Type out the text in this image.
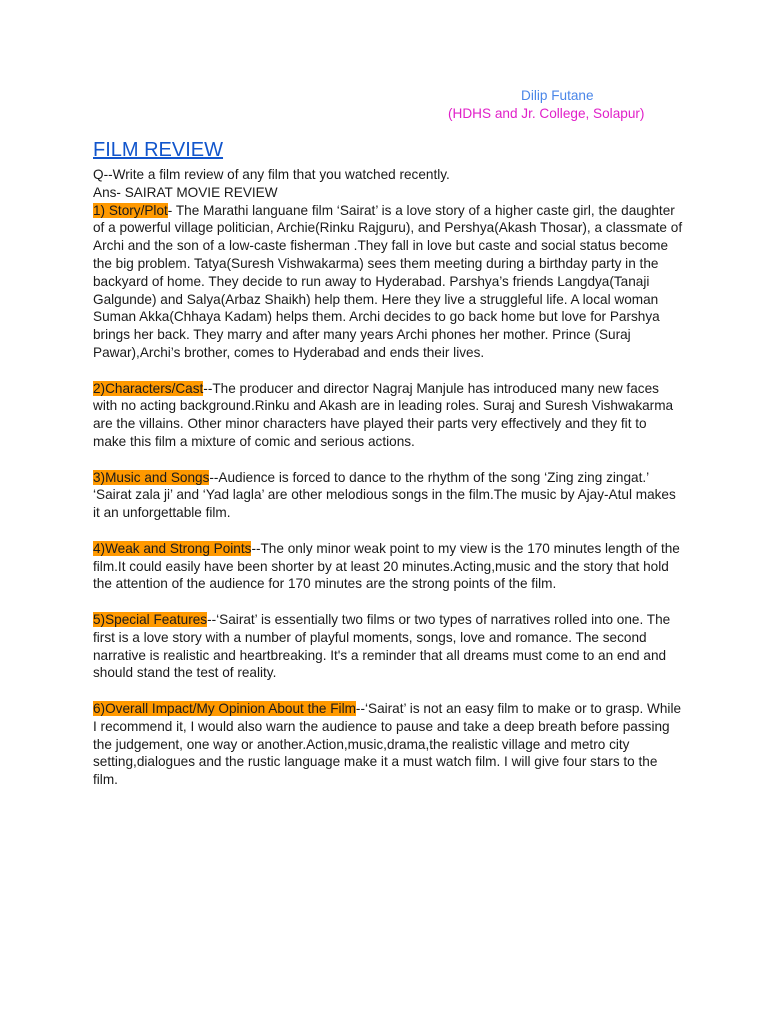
Dilip Futane
(HDHS and Jr. College, Solapur)
FILM REVIEW

Q--Write a film review of any film that you watched recently.

Ans- SAIRAT MOVIE REVIEW

1) Story/Plot- The Marathi languane film ‘Sairat’ is a love story of a higher caste girl, the daughter of a powerful village politician, Archie(Rinku Rajguru), and Pershya(Akash Thosar), a classmate of Archi and the son of a low-caste fisherman .They fall in love but caste and social status become the big problem. Tatya(Suresh Vishwakarma) sees them meeting during a birthday party in the backyard of home. They decide to run away to Hyderabad. Parshya’s friends Langdya(Tanaji Galgunde) and Salya(Arbaz Shaikh) help them. Here they live a struggleful life. A local woman Suman Akka(Chhaya Kadam) helps them. Archi decides to go back home but love for Parshya brings her back. They marry and after many years Archi phones her mother. Prince (Suraj Pawar),Archi’s brother, comes to Hyderabad and ends their lives.

2)Characters/Cast--The producer and director Nagraj Manjule has introduced many new faces with no acting background.Rinku and Akash are in leading roles. Suraj and Suresh Vishwakarma are the villains. Other minor characters have played their parts very effectively and they fit to make this film a mixture of comic and serious actions.

3)Music and Songs--Audience is forced to dance to the rhythm of the song ‘Zing zing zingat.’ ‘Sairat zala ji’ and ‘Yad lagla’ are other melodious songs in the film.The music by Ajay-Atul makes it an unforgettable film.

4)Weak and Strong Points--The only minor weak point to my view is the 170 minutes length of the film.It could easily have been shorter by at least 20 minutes.Acting,music and the story that hold the attention of the audience for 170 minutes are the strong points of the film.

5)Special Features--‘Sairat’ is essentially two films or two types of narratives rolled into one. The first is a love story with a number of playful moments, songs, love and romance. The second narrative is realistic and heartbreaking. It's a reminder that all dreams must come to an end and should stand the test of reality.

6)Overall Impact/My Opinion About the Film--‘Sairat’ is not an easy film to make or to grasp. While I recommend it, I would also warn the audience to pause and take a deep breath before passing the judgement, one way or another.Action,music,drama,the realistic village and metro city setting,dialogues and the rustic language make it a must watch film. I will give four stars to the film.
